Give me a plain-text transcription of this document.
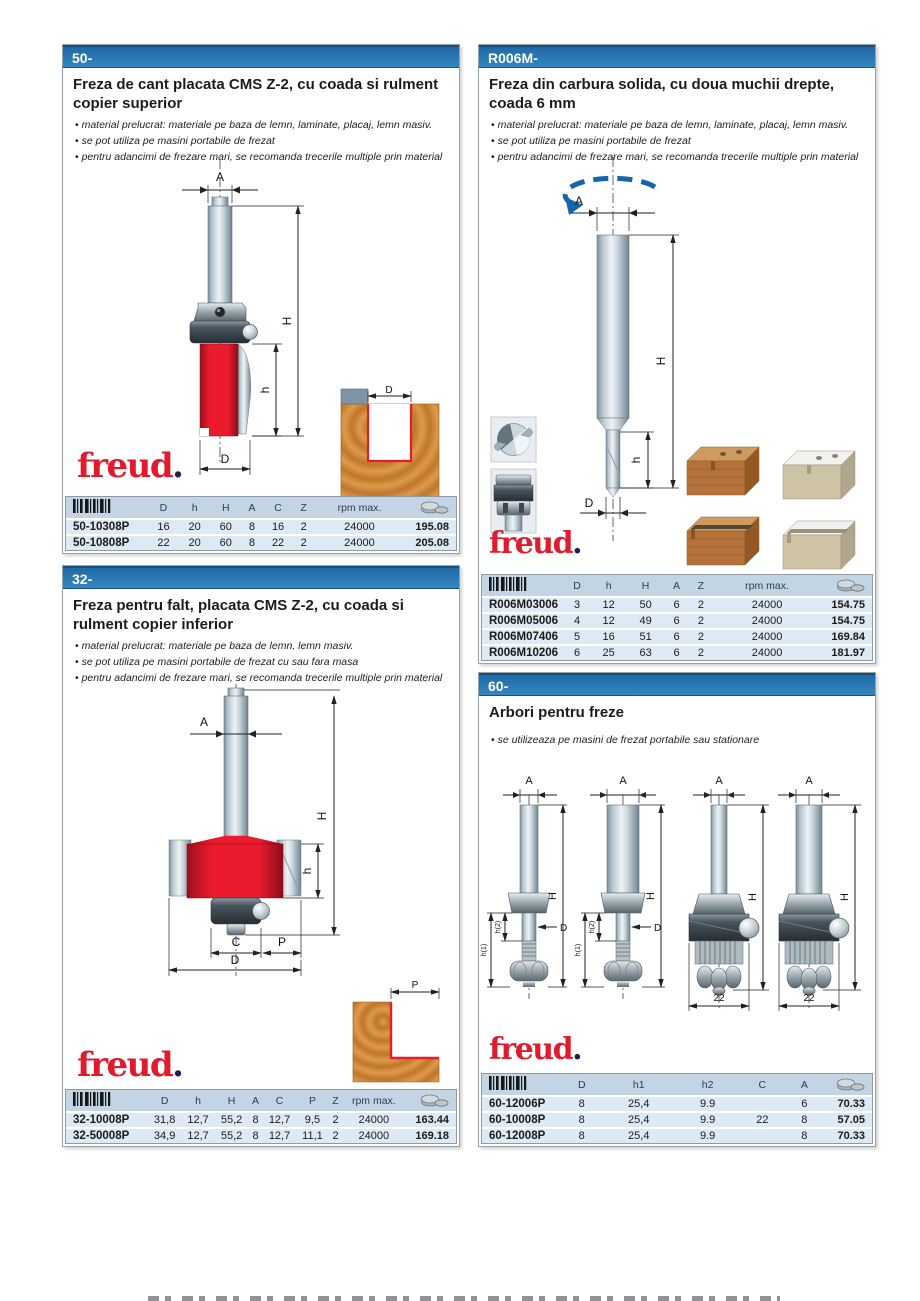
50-
Freza de cant placata CMS Z-2, cu coada si rulment copier superior
• material prelucrat: materiale pe baza de lemn, laminate, placaj, lemn masiv.
• se pot utiliza pe masini portabile de frezat
• pentru adancimi de frezare mari, se recomanda trecerile multiple prin material
A
h
H
D
D
freud.
	D	h	H	A	C	Z	rpm max.	
50-10308P	16	20	60	8	16	2	24000	195.08
50-10808P	22	20	60	8	22	2	24000	205.08
R006M-
Freza din carbura solida, cu doua muchii drepte, coada 6 mm
• material prelucrat: materiale pe baza de lemn, laminate, placaj, lemn masiv.
• se pot utiliza pe masini portabile de frezat
• pentru adancimi de frezare mari, se recomanda trecerile multiple prin material
A
h
H
D
freud.
	D	h	H	A	Z	rpm max.	
R006M03006	3	12	50	6	2	24000	154.75
R006M05006	4	12	49	6	2	24000	154.75
R006M07406	5	16	51	6	2	24000	169.84
R006M10206	6	25	63	6	2	24000	181.97
32-
Freza pentru falt, placata CMS Z-2, cu coada si rulment copier inferior
• material prelucrat: materiale pe baza de lemn, lemn masiv.
• se pot utiliza pe masini portabile de frezat cu sau fara masa
• pentru adancimi de frezare mari, se recomanda trecerile multiple prin material
A
h
H
C	P
D
P
freud.
	D	h	H	A	C	P	Z	rpm max.	
32-10008P	31,8	12,7	55,2	8	12,7	9,5	2	24000	163.44
32-50008P	34,9	12,7	55,2	8	12,7	11,1	2	24000	169.18
60-
Arbori pentru freze
• se utilizeaza pe masini de frezat portabile sau stationare
A
D
H
h(1)
h(2)
A
D
H
h(1)
h(2)
A
H
22
A
H
22
freud.
	D	h1	h2	C	A	
60-12006P	8	25,4	9.9		6	70.33
60-10008P	8	25,4	9.9	22	8	57.05
60-12008P	8	25,4	9.9		8	70.33
